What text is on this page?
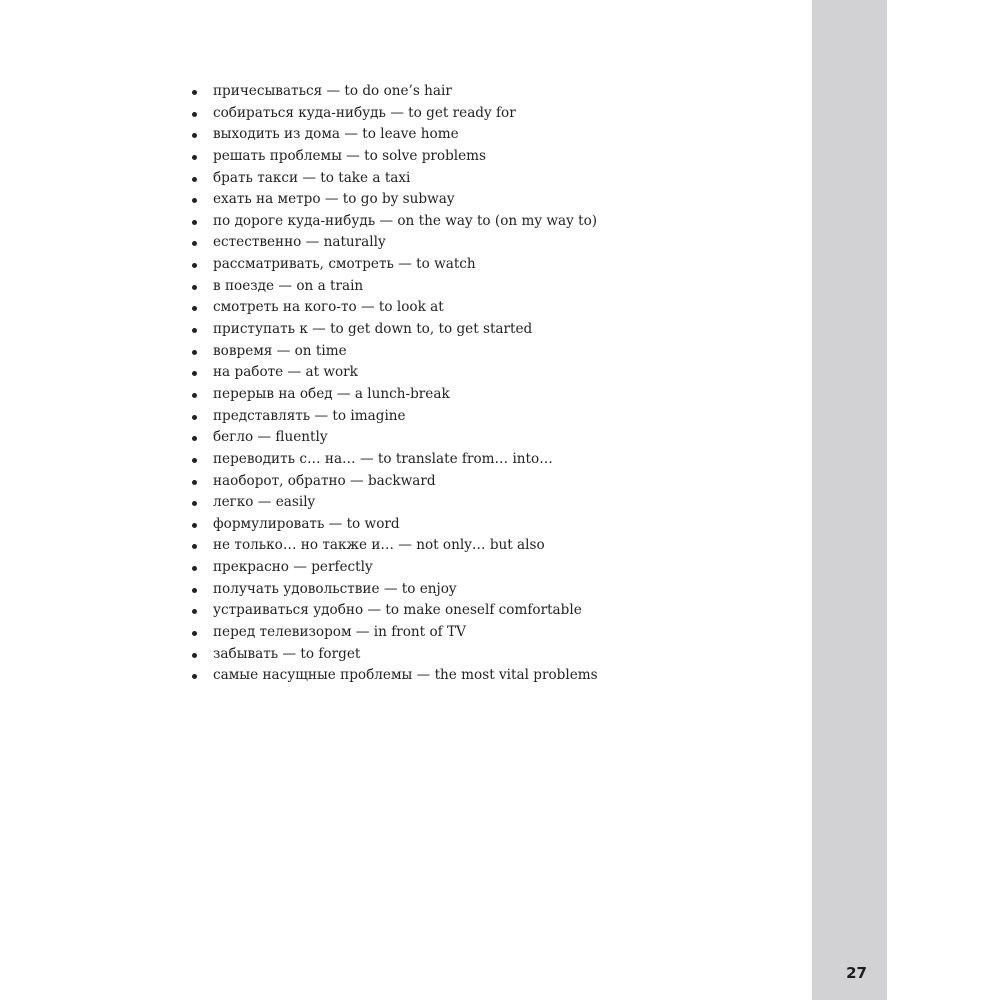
причесываться — to do one’s hair
собираться куда-нибудь — to get ready for
выходить из дома — to leave home
решать проблемы — to solve problems
брать такси — to take a taxi
ехать на метро — to go by subway
по дороге куда-нибудь — on the way to (on my way to)
естественно — naturally
рассматривать, смотреть — to watch
в поезде — on a train
смотреть на кого-то — to look at
приступать к — to get down to, to get started
вовремя — on time
на работе — at work
перерыв на обед — a lunch-break
представлять — to imagine
бегло — fluently
переводить с… на… — to translate from… into…
наоборот, обратно — backward
легко — easily
формулировать — to word
не только… но также и… — not only… but also
прекрасно — perfectly
получать удовольствие — to enjoy
устраиваться удобно — to make oneself comfortable
перед телевизором — in front of TV
забывать — to forget
самые насущные проблемы — the most vital problems
27
